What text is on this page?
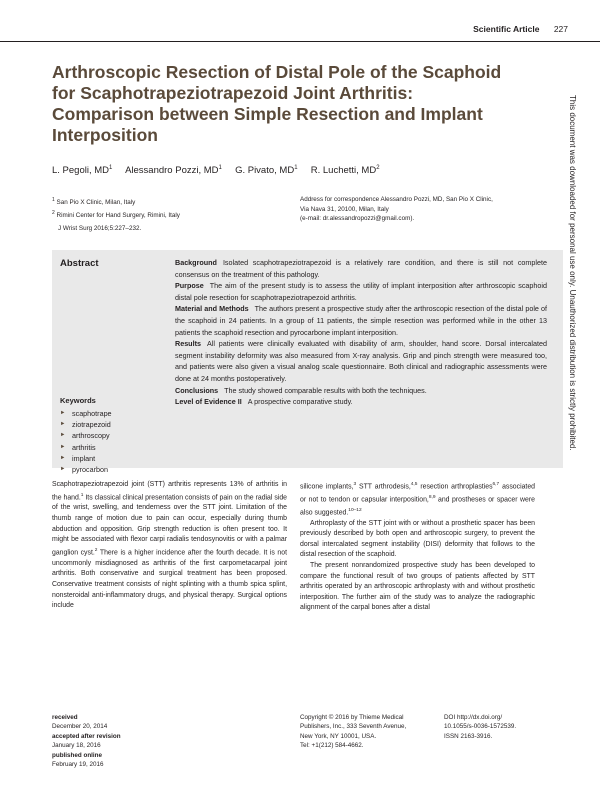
Scientific Article 227
Arthroscopic Resection of Distal Pole of the Scaphoid for Scaphotrapeziotrapezoid Joint Arthritis: Comparison between Simple Resection and Implant Interposition
L. Pegoli, $MD^1$ Alessandro Pozzi, $MD^1$ G. Pivato, $MD^1$ R. Luchetti, $MD^2$
$^1$ San Pio X Clinic, Milan, Italy
$^2$ Rimini Center for Hand Surgery, Rimini, Italy
J Wrist Surg 2016;5:227–232.
Address for correspondence Alessandro Pozzi, MD, San Pio X Clinic,
Via Nava 31, 20100, Milan, Italy
(e-mail: dr.alessandropozzi@gmail.com).
Abstract
Keywords
► scaphotrape
► ziotrapezoid
► arthroscopy
► arthritis
► implant
► pyrocarbon

Background Isolated scaphotrapeziotrapezoid is a relatively rare condition, and there is still not complete consensus on the treatment of this pathology.

Purpose The aim of the present study is to assess the utility of implant interposition after arthroscopic scaphoid distal pole resection for scaphotrapeziotrapezoid arthritis.

Material and Methods The authors present a prospective study after the arthroscopic resection of the distal pole of the scaphoid in 24 patients. In a group of 11 patients, the simple resection was performed while in the other 13 patients the scaphoid resection and pyrocarbone implant interposition.

Results All patients were clinically evaluated with disability of arm, shoulder, hand score. Dorsal intercalated segment instability deformity was also measured from X-ray analysis. Grip and pinch strength were measured too, and patients were also given a visual analog scale questionnaire. Both clinical and radiographic assessments were done at 24 months postoperatively.

Conclusions The study showed comparable results with both the techniques.

Level of Evidence II A prospective comparative study.

Scaphotrapeziotrapezoid joint (STT) arthritis represents 13% of arthritis in the hand.$^1$ Its classical clinical presentation consists of pain on the radial side of the wrist, swelling, and tenderness over the STT joint. Limitation of the thumb range of motion due to pain can occur, especially during thumb abduction and opposition. Grip strength reduction is often present too. It might be associated with flexor carpi radialis tendosynovitis or with a palmar ganglion cyst.$^2$ There is a higher incidence after the fourth decade. It is not uncommonly misdiagnosed as arthritis of the first carpometacarpal joint arthritis. Both conservative and surgical treatment has been proposed. Conservative treatment consists of night splinting with a thumb spica splint, nonsteroidal anti-inflammatory drugs, and physical therapy. Surgical options include

silicone implants,$^3$ STT arthrodesis,$^{4,5}$ resection arthroplasties$^{6,7}$ associated or not to tendon or capsular interposition,$^{8,9}$ and prostheses or spacer were also suggested.$^{10-12}$

Arthroplasty of the STT joint with or without a prosthetic spacer has been previously described by both open and arthroscopic surgery, to prevent the dorsal intercalated segment instability (DISI) deformity that follows to the distal resection of the scaphoid.

The present nonrandomized prospective study has been developed to compare the functional result of two groups of patients affected by STT arthritis operated by an arthroscopic arthroplasty with and without prosthetic interposition. The further aim of the study was to analyze the radiographic alignment of the carpal bones after a distal

received
December 20, 2014
accepted after revision
January 18, 2016
published online
February 19, 2016
Copyright © 2016 by Thieme Medical
Publishers, Inc., 333 Seventh Avenue,
New York, NY 10001, USA.
Tel: +1(212) 584-4662.
DOI http://dx.doi.org/
10.1055/s-0036-1572539.
ISSN 2163-3916.
This document was downloaded for personal use only. Unauthorized distribution is strictly prohibited.
